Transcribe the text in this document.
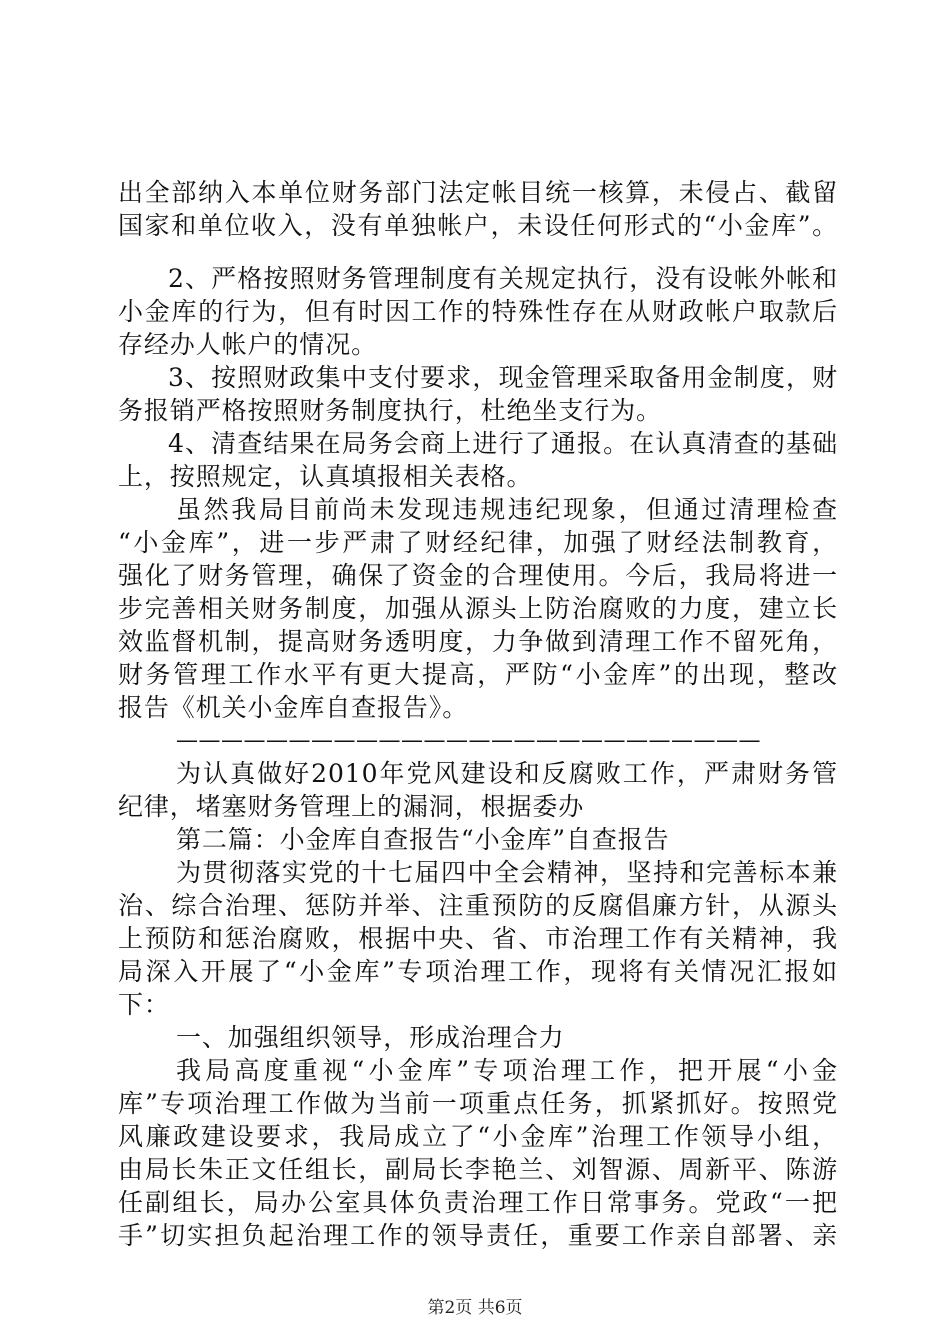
出全部纳入本单位财务部门法定帐目统一核算，未侵占、截留
国家和单位收入，没有单独帐户，未设任何形式的“小金库”。
2、严格按照财务管理制度有关规定执行，没有设帐外帐和
小金库的行为，但有时因工作的特殊性存在从财政帐户取款后
存经办人帐户的情况。
3、按照财政集中支付要求，现金管理采取备用金制度，财
务报销严格按照财务制度执行，杜绝坐支行为。
4、清查结果在局务会商上进行了通报。在认真清查的基础
上，按照规定，认真填报相关表格。
虽然我局目前尚未发现违规违纪现象，但通过清理检查
“小金库”，进一步严肃了财经纪律，加强了财经法制教育，
强化了财务管理，确保了资金的合理使用。今后，我局将进一
步完善相关财务制度，加强从源头上防治腐败的力度，建立长
效监督机制，提高财务透明度，力争做到清理工作不留死角，
财务管理工作水平有更大提高，严防“小金库”的出现，整改
报告《机关小金库自查报告》。
——————————————————————————
为认真做好2010年党风建设和反腐败工作，严肃财务管
纪律，堵塞财务管理上的漏洞，根据委办
第二篇：小金库自查报告“小金库”自查报告
为贯彻落实党的十七届四中全会精神，坚持和完善标本兼
治、综合治理、惩防并举、注重预防的反腐倡廉方针，从源头
上预防和惩治腐败，根据中央、省、市治理工作有关精神，我
局深入开展了“小金库”专项治理工作，现将有关情况汇报如
下：
一、加强组织领导，形成治理合力
我局高度重视“小金库”专项治理工作，把开展“小金
库”专项治理工作做为当前一项重点任务，抓紧抓好。按照党
风廉政建设要求，我局成立了“小金库”治理工作领导小组，
由局长朱正文任组长，副局长李艳兰、刘智源、周新平、陈游
任副组长，局办公室具体负责治理工作日常事务。党政“一把
手”切实担负起治理工作的领导责任，重要工作亲自部署、亲
第2页 共6页
